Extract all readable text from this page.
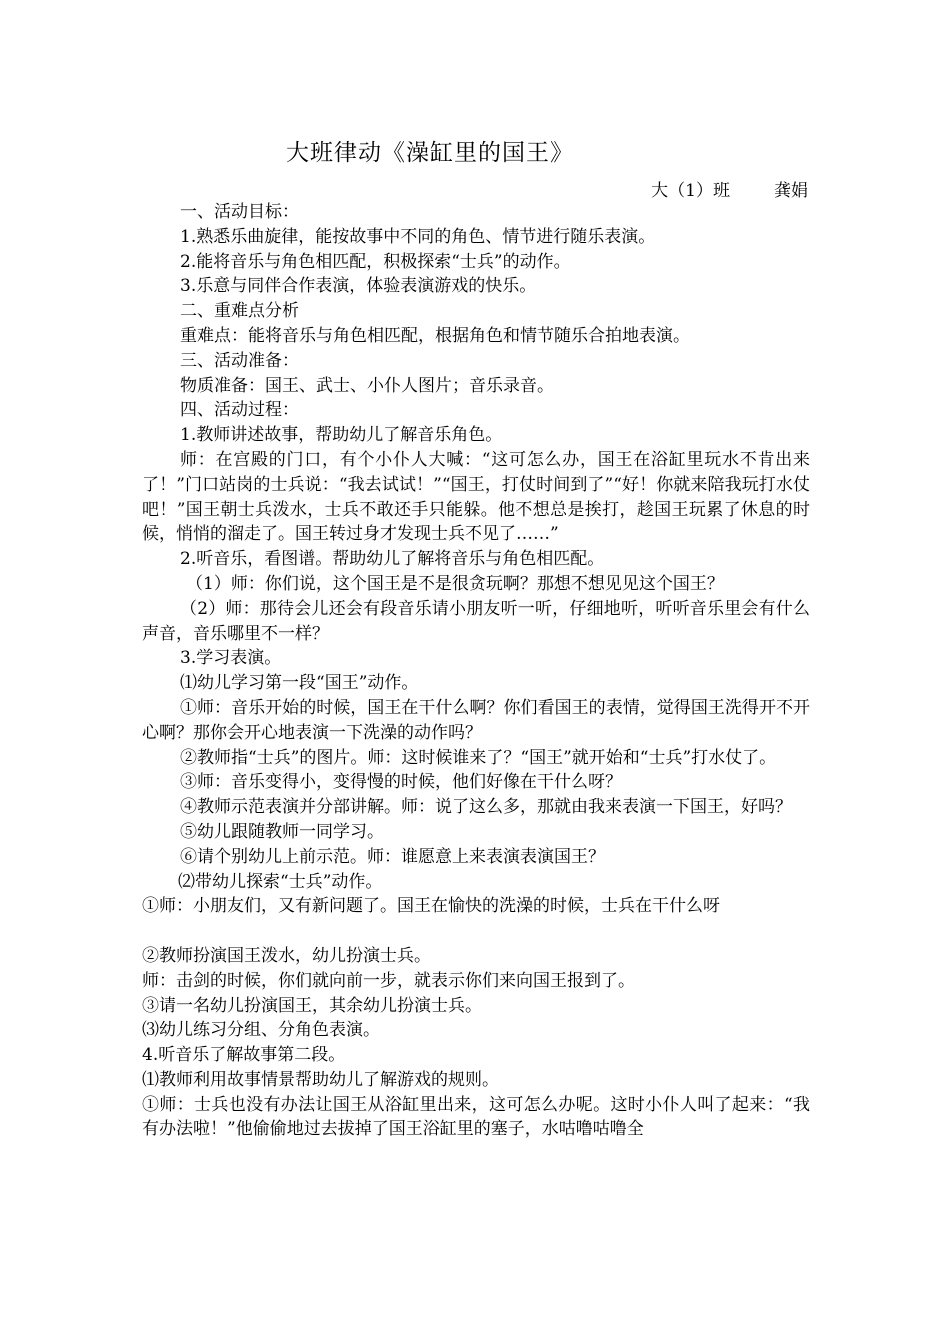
大班律动《澡缸里的国王》
大（1）班	龚娟

一、活动目标：

1.熟悉乐曲旋律，能按故事中不同的角色、情节进行随乐表演。

2.能将音乐与角色相匹配，积极探索“士兵”的动作。

3.乐意与同伴合作表演，体验表演游戏的快乐。

二、重难点分析

重难点：能将音乐与角色相匹配，根据角色和情节随乐合拍地表演。

三、活动准备：

物质准备：国王、武士、小仆人图片；音乐录音。

四、活动过程：

1.教师讲述故事，帮助幼儿了解音乐角色。

师：在宫殿的门口，有个小仆人大喊：“这可怎么办，国王在浴缸里玩水不肯出来了！”门口站岗的士兵说：“我去试试！”“国王，打仗时间到了”“好！你就来陪我玩打水仗吧！”国王朝士兵泼水，士兵不敢还手只能躲。他不想总是挨打，趁国王玩累了休息的时候，悄悄的溜走了。国王转过身才发现士兵不见了……”

2.听音乐，看图谱。帮助幼儿了解将音乐与角色相匹配。

（1）师：你们说，这个国王是不是很贪玩啊？那想不想见见这个国王？

（2）师：那待会儿还会有段音乐请小朋友听一听，仔细地听，听听音乐里会有什么声音，音乐哪里不一样？

3.学习表演。

⑴幼儿学习第一段“国王”动作。

①师：音乐开始的时候，国王在干什么啊？你们看国王的表情，觉得国王洗得开不开心啊？那你会开心地表演一下洗澡的动作吗？

②教师指“士兵”的图片。师：这时候谁来了？“国王”就开始和“士兵”打水仗了。

③师：音乐变得小，变得慢的时候，他们好像在干什么呀？

④教师示范表演并分部讲解。师：说了这么多，那就由我来表演一下国王，好吗？

⑤幼儿跟随教师一同学习。

⑥请个别幼儿上前示范。师：谁愿意上来表演表演国王？

⑵带幼儿探索“士兵”动作。

①师：小朋友们，又有新问题了。国王在愉快的洗澡的时候，士兵在干什么呀

②教师扮演国王泼水，幼儿扮演士兵。

师：击剑的时候，你们就向前一步，就表示你们来向国王报到了。

③请一名幼儿扮演国王，其余幼儿扮演士兵。

⑶幼儿练习分组、分角色表演。

4.听音乐了解故事第二段。

⑴教师利用故事情景帮助幼儿了解游戏的规则。

①师：士兵也没有办法让国王从浴缸里出来，这可怎么办呢。这时小仆人叫了起来：“我有办法啦！”他偷偷地过去拔掉了国王浴缸里的塞子，水咕噜咕噜全
